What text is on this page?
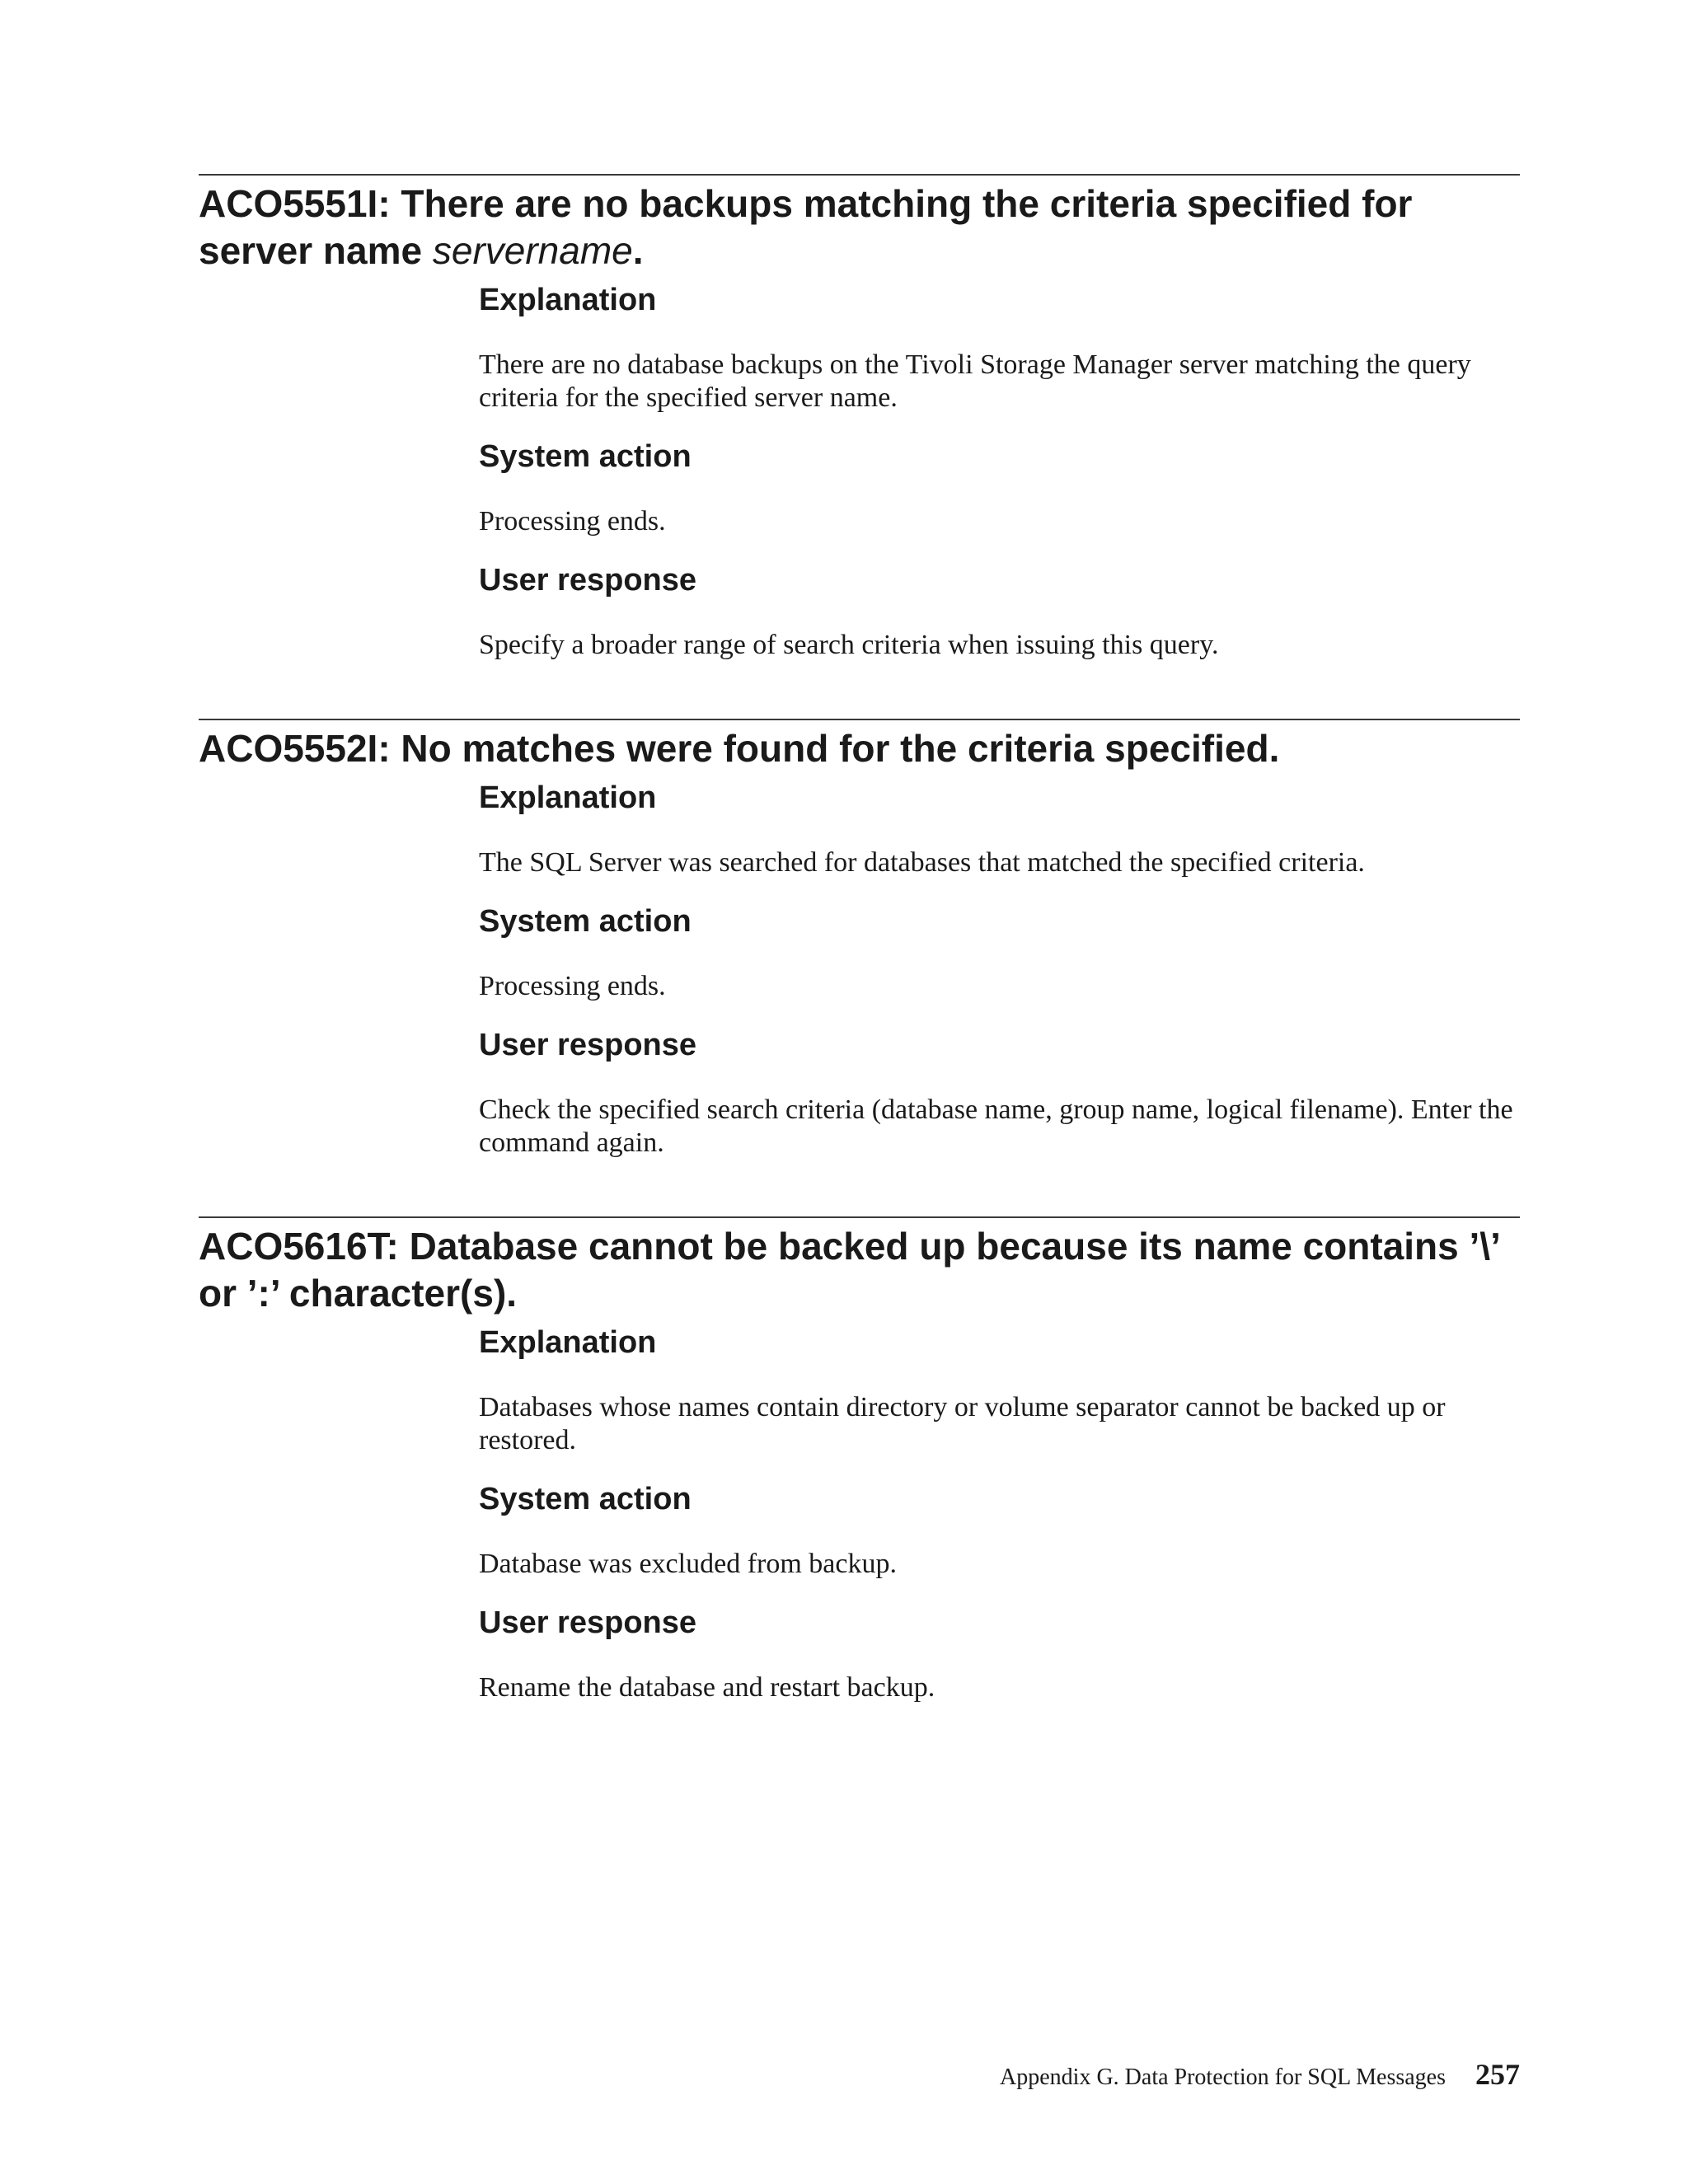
ACO5551I: There are no backups matching the criteria specified for server name servername.
Explanation

There are no database backups on the Tivoli Storage Manager server matching the query criteria for the specified server name.

System action

Processing ends.

User response

Specify a broader range of search criteria when issuing this query.

ACO5552I: No matches were found for the criteria specified.
Explanation

The SQL Server was searched for databases that matched the specified criteria.

System action

Processing ends.

User response

Check the specified search criteria (database name, group name, logical filename). Enter the command again.

ACO5616T: Database cannot be backed up because its name contains ’\’ or ’:’ character(s).
Explanation

Databases whose names contain directory or volume separator cannot be backed up or restored.

System action

Database was excluded from backup.

User response

Rename the database and restart backup.

Appendix G. Data Protection for SQL Messages 257
